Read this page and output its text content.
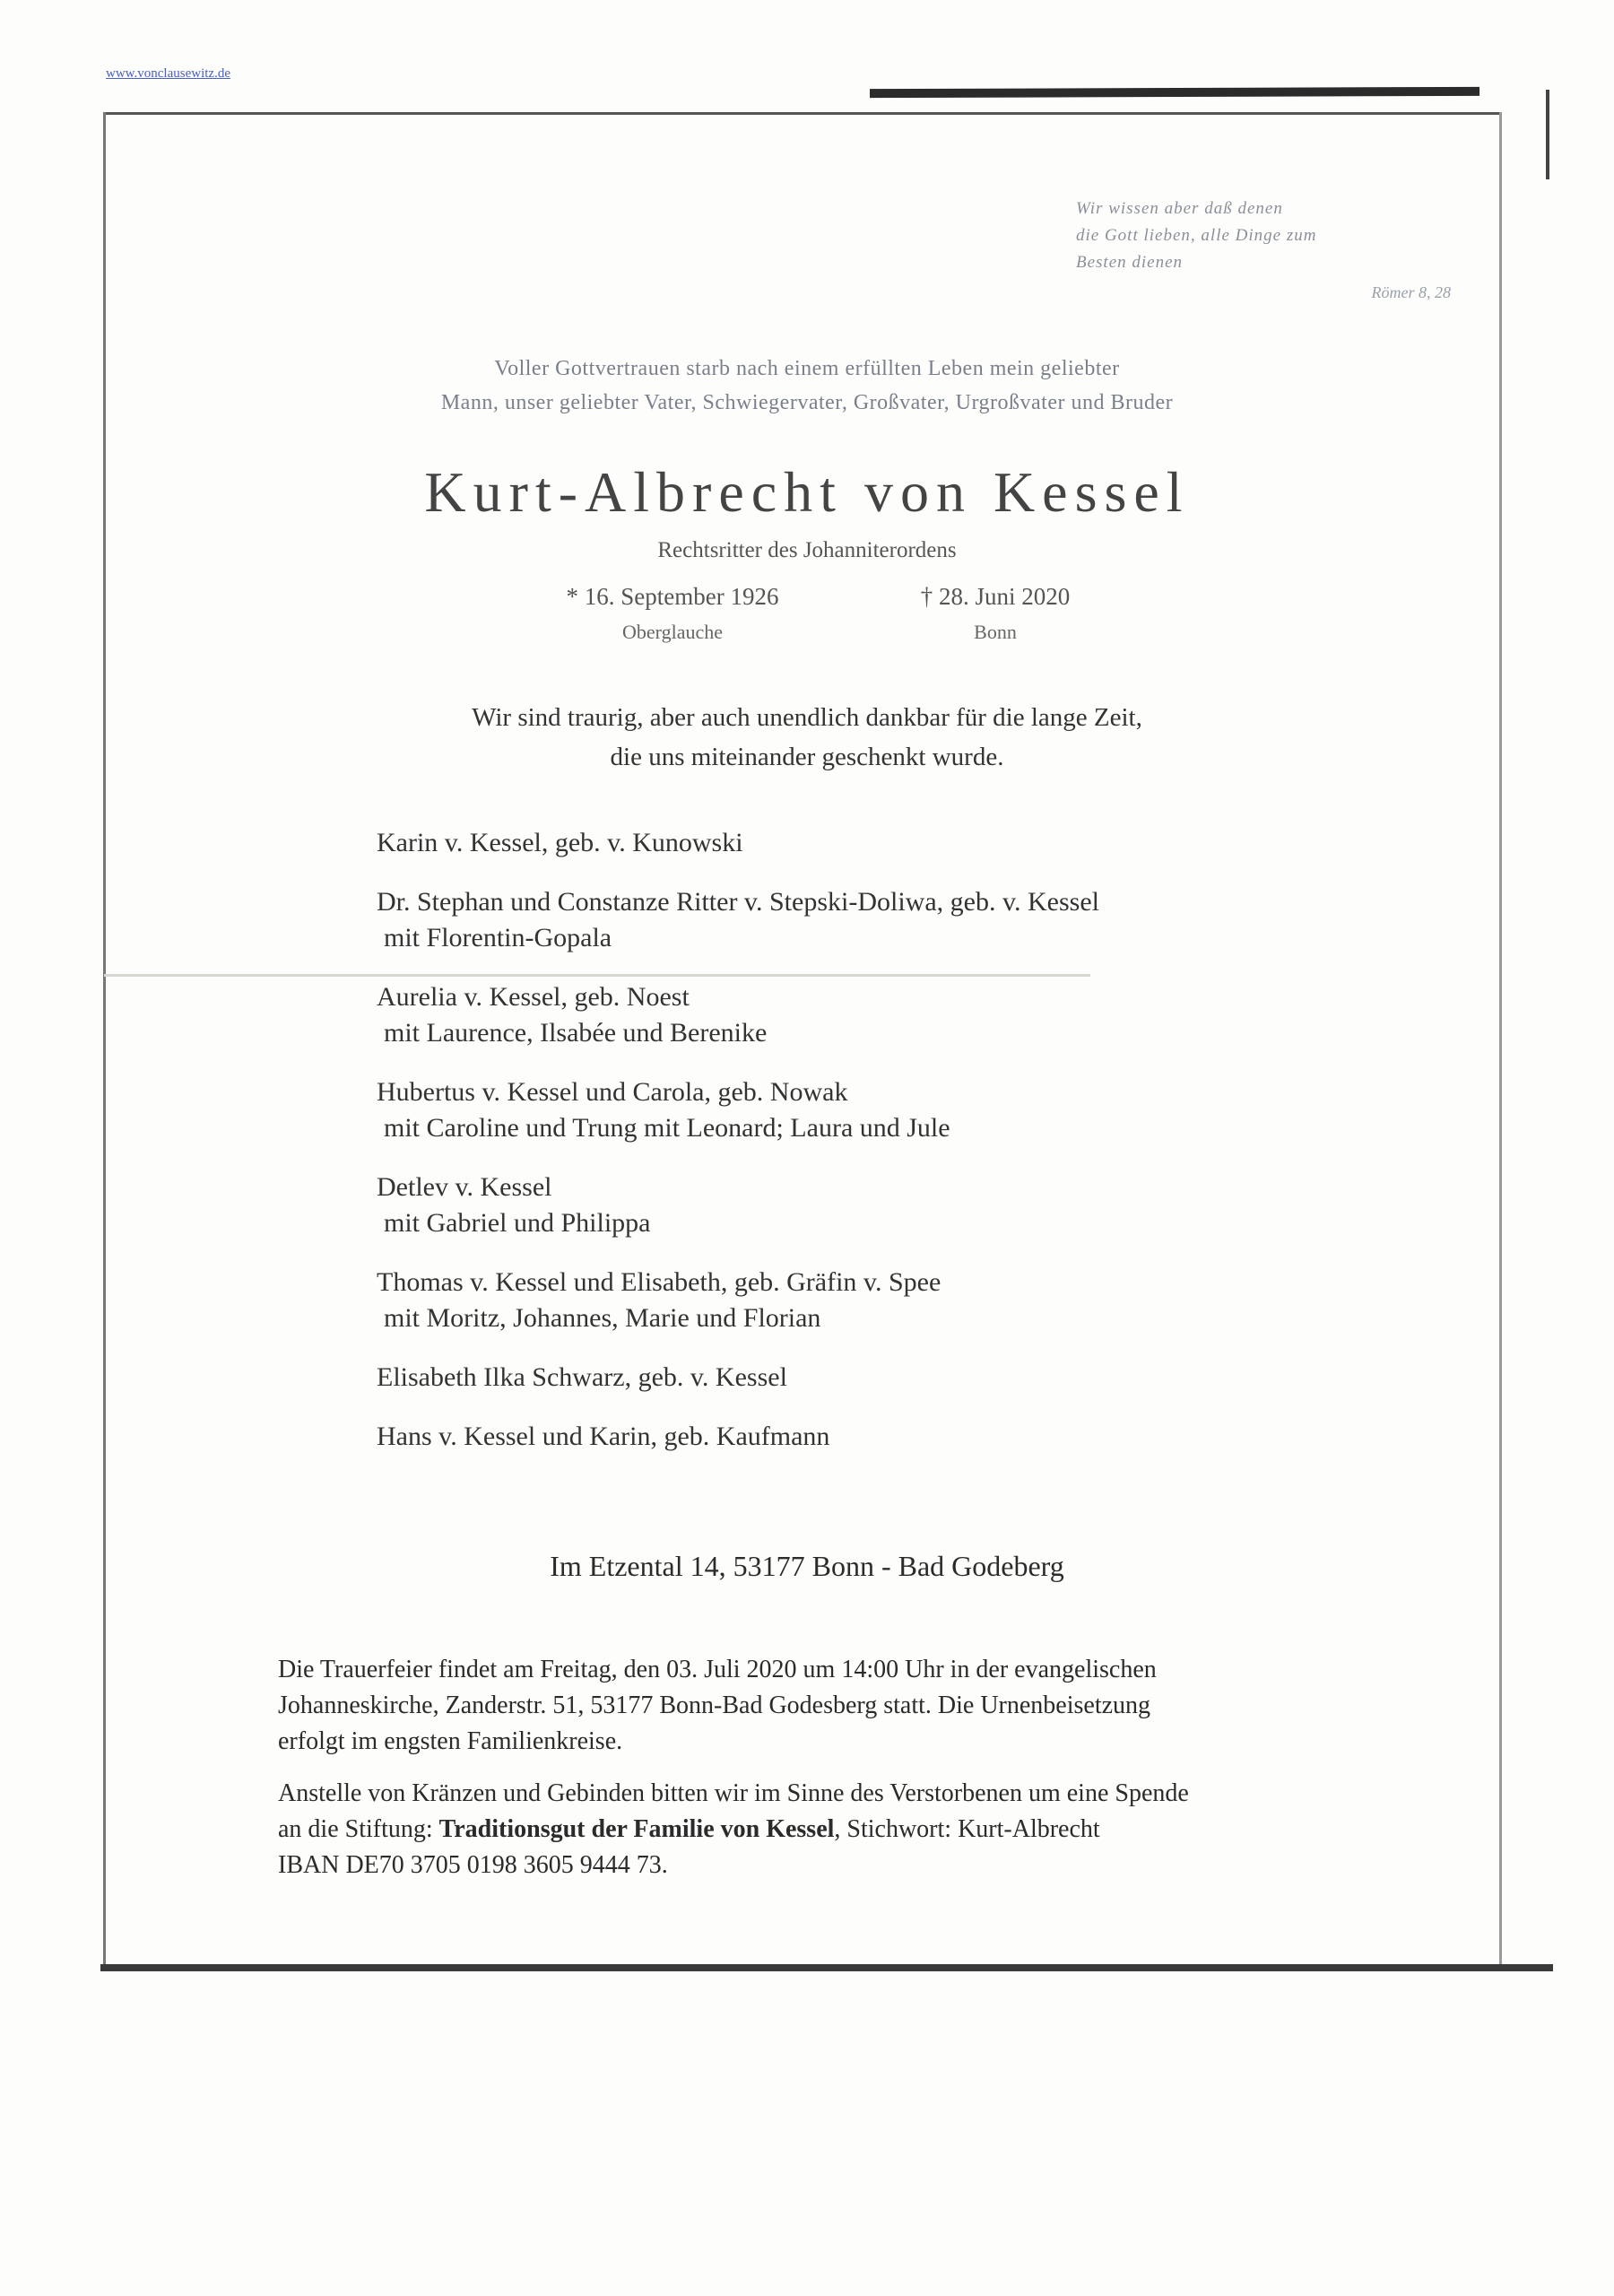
www.vonclausewitz.de
Wir wissen aber daß denen
die Gott lieben, alle Dinge zum
Besten dienen
Römer 8, 28
Voller Gottvertrauen starb nach einem erfüllten Leben mein geliebter
Mann, unser geliebter Vater, Schwiegervater, Großvater, Urgroßvater und Bruder
Kurt-Albrecht von Kessel
Rechtsritter des Johanniterordens
* 16. September 1926
Oberglauche
† 28. Juni 2020
Bonn
Wir sind traurig, aber auch unendlich dankbar für die lange Zeit,
die uns miteinander geschenkt wurde.
Karin v. Kessel, geb. v. Kunowski
Dr. Stephan und Constanze Ritter v. Stepski-Doliwa, geb. v. Kessel
mit Florentin-Gopala
Aurelia v. Kessel, geb. Noest
mit Laurence, Ilsabée und Berenike
Hubertus v. Kessel und Carola, geb. Nowak
mit Caroline und Trung mit Leonard; Laura und Jule
Detlev v. Kessel
mit Gabriel und Philippa
Thomas v. Kessel und Elisabeth, geb. Gräfin v. Spee
mit Moritz, Johannes, Marie und Florian
Elisabeth Ilka Schwarz, geb. v. Kessel
Hans v. Kessel und Karin, geb. Kaufmann
Im Etzental 14, 53177 Bonn - Bad Godeberg

Die Trauerfeier findet am Freitag, den 03. Juli 2020 um 14:00 Uhr in der evangelischen
Johanneskirche, Zanderstr. 51, 53177 Bonn-Bad Godesberg statt. Die Urnenbeisetzung
erfolgt im engsten Familienkreise.

Anstelle von Kränzen und Gebinden bitten wir im Sinne des Verstorbenen um eine Spende
an die Stiftung: Traditionsgut der Familie von Kessel, Stichwort: Kurt-Albrecht
IBAN DE70 3705 0198 3605 9444 73.
